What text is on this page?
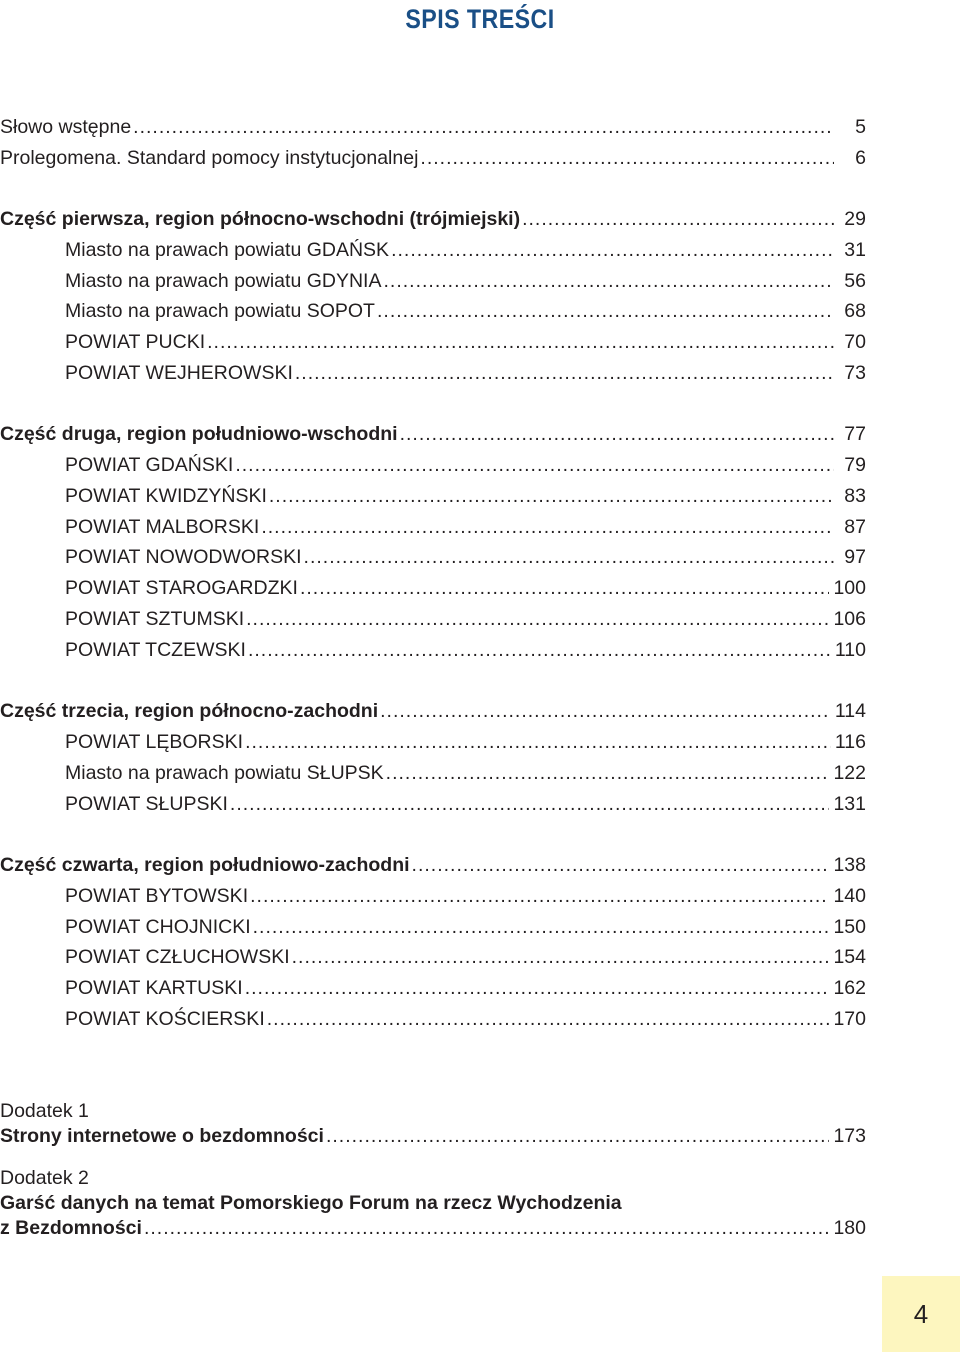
SPIS TREŚCI
Słowo wstępne .....	5
Prolegomena. Standard pomocy instytucjonalnej .....	6
Część pierwsza, region północno-wschodni (trójmiejski) .....	29
Miasto na prawach powiatu GDAŃSK .....	31
Miasto na prawach powiatu GDYNIA .....	56
Miasto na prawach powiatu SOPOT .....	68
POWIAT PUCKI .....	70
POWIAT WEJHEROWSKI .....	73
Część druga, region południowo-wschodni .....	77
POWIAT GDAŃSKI .....	79
POWIAT KWIDZYŃSKI .....	83
POWIAT MALBORSKI .....	87
POWIAT NOWODWORSKI .....	97
POWIAT STAROGARDZKI .....	100
POWIAT SZTUMSKI .....	106
POWIAT TCZEWSKI .....	110
Część trzecia, region północno-zachodni .....	114
POWIAT LĘBORSKI .....	116
Miasto na prawach powiatu SŁUPSK .....	122
POWIAT SŁUPSKI .....	131
Część czwarta, region południowo-zachodni .....	138
POWIAT BYTOWSKI .....	140
POWIAT CHOJNICKI .....	150
POWIAT CZŁUCHOWSKI .....	154
POWIAT KARTUSKI .....	162
POWIAT KOŚCIERSKI .....	170
Dodatek 1
Strony internetowe o bezdomności .....	173
Dodatek 2
Garść danych na temat Pomorskiego Forum na rzecz Wychodzenia
z Bezdomności .....	180
4
